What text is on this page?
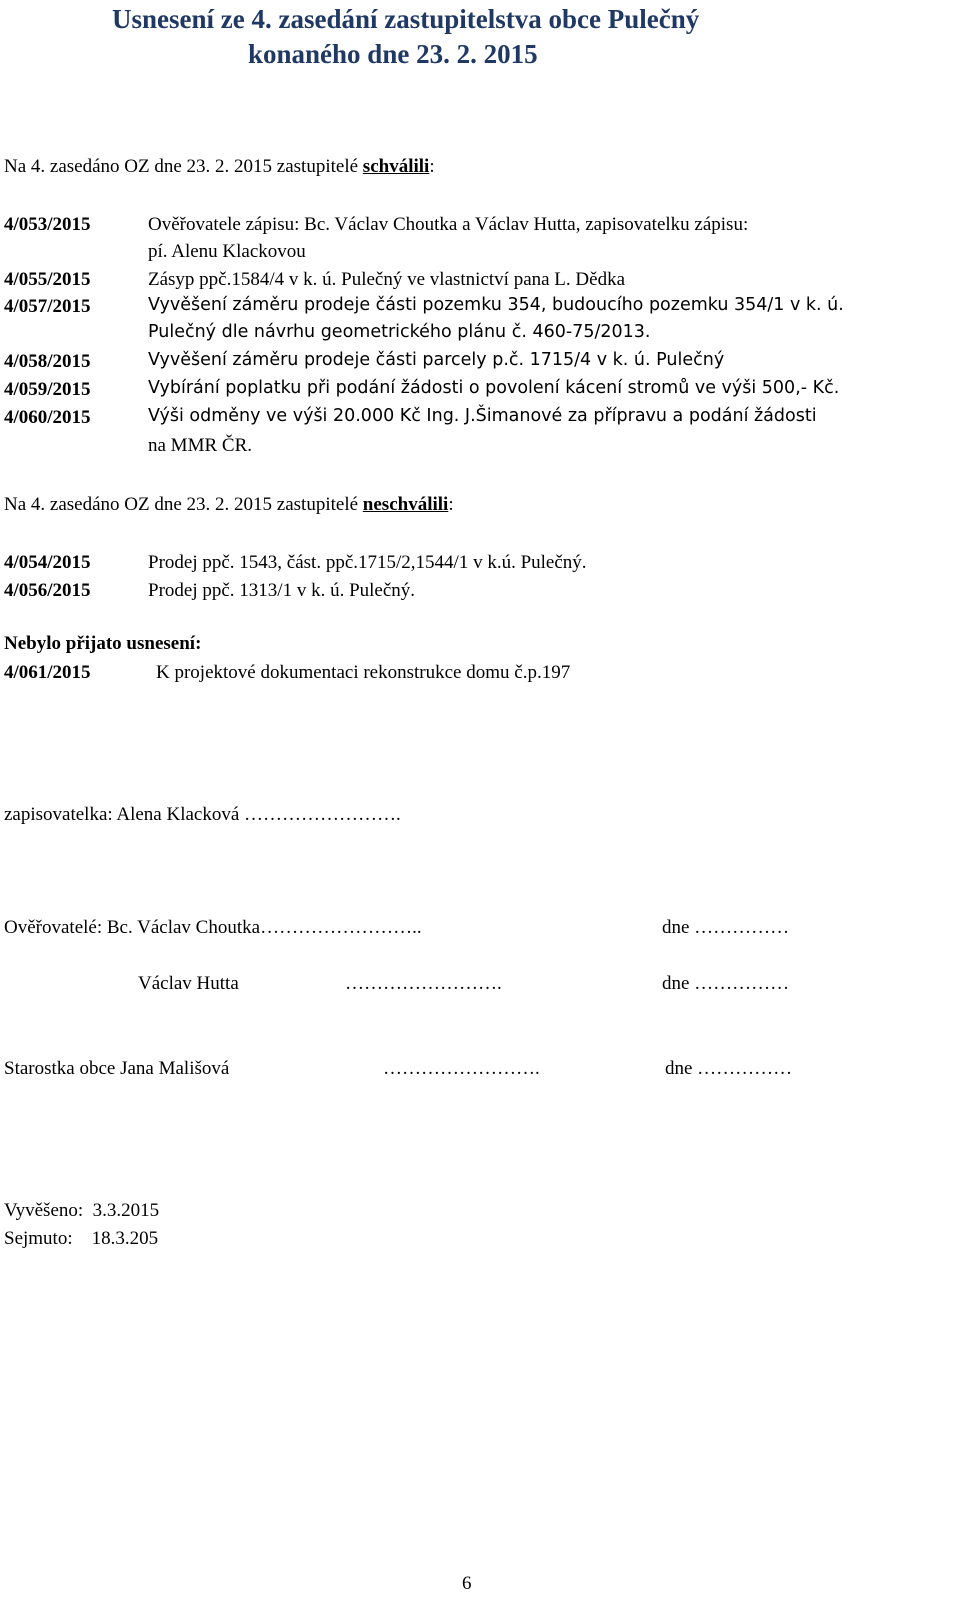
Usnesení ze 4. zasedání zastupitelstva obce Pulečný
konaného dne 23. 2. 2015
Na 4. zasedáno OZ dne 23. 2. 2015 zastupitelé schválili:
4/053/2015	Ověřovatele zápisu: Bc. Václav Choutka a Václav Hutta, zapisovatelku zápisu:
pí. Alenu Klackovou
4/055/2015	Zásyp ppč.1584/4 v k. ú. Pulečný ve vlastnictví pana L. Dědka
4/057/2015	Vyvěšení záměru prodeje části pozemku 354, budoucího pozemku 354/1 v k. ú.
Pulečný dle návrhu geometrického plánu č. 460-75/2013.
4/058/2015	Vyvěšení záměru prodeje části parcely p.č. 1715/4 v k. ú. Pulečný
4/059/2015	Vybírání poplatku při podání žádosti o povolení kácení stromů ve výši 500,- Kč.
4/060/2015	Výši odměny ve výši 20.000 Kč Ing. J.Šimanové za přípravu a podání žádosti
na MMR ČR.
Na 4. zasedáno OZ dne 23. 2. 2015 zastupitelé neschválili:
4/054/2015	Prodej ppč. 1543, část. ppč.1715/2,1544/1 v k.ú. Pulečný.
4/056/2015	Prodej ppč. 1313/1 v k. ú. Pulečný.
Nebylo přijato usnesení:
4/061/2015	K projektové dokumentaci rekonstrukce domu č.p.197
zapisovatelka: Alena Klacková …………………….
Ověřovatelé: Bc. Václav Choutka……………………..	dne ……………
Václav Hutta	…………………….	dne ……………
Starostka obce Jana Mališová	…………………….	dne ……………
Vyvěšeno:  3.3.2015
Sejmuto:    18.3.205
6
